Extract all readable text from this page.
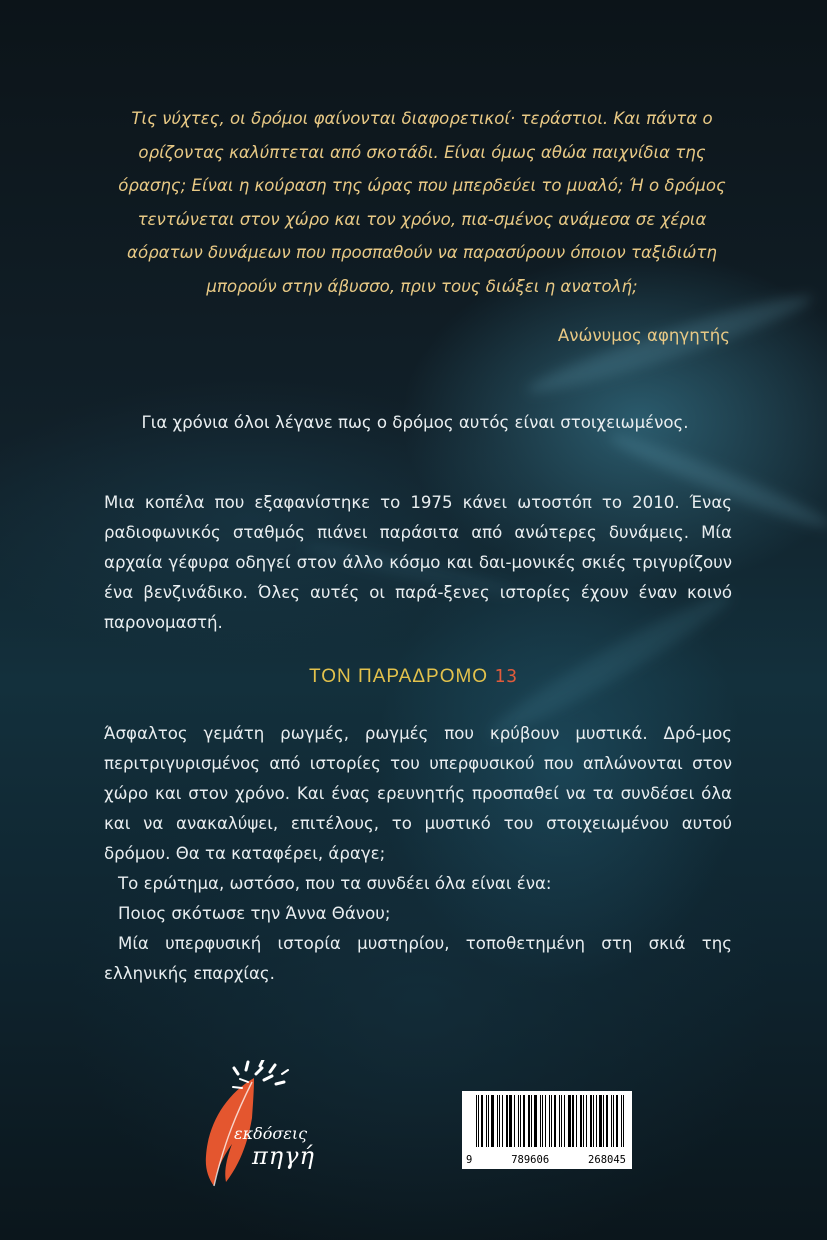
Τις νύχτες, οι δρόμοι φαίνονται διαφορετικοί· τεράστιοι. Και πάντα ο ορίζοντας καλύπτεται από σκοτάδι. Είναι όμως αθώα παιχνίδια της όρασης; Είναι η κούραση της ώρας που μπερδεύει το μυαλό; Ή ο δρόμος τεντώνεται στον χώρο και τον χρόνο, πια-σμένος ανάμεσα σε χέρια αόρατων δυνάμεων που προσπαθούν να παρασύρουν όποιον ταξιδιώτη μπορούν στην άβυσσο, πριν τους διώξει η ανατολή;

Ανώνυμος αφηγητής

Για χρόνια όλοι λέγανε πως ο δρόμος αυτός είναι στοιχειωμένος.

Μια κοπέλα που εξαφανίστηκε το 1975 κάνει ωτοστόπ το 2010. Ένας ραδιοφωνικός σταθμός πιάνει παράσιτα από ανώτερες δυνάμεις. Μία αρχαία γέφυρα οδηγεί στον άλλο κόσμο και δαι-μονικές σκιές τριγυρίζουν ένα βενζινάδικο. Όλες αυτές οι παρά-ξενες ιστορίες έχουν έναν κοινό παρονομαστή.

ΤΟΝ ΠΑΡΑΔΡΟΜΟ 13

Άσφαλτος γεμάτη ρωγμές, ρωγμές που κρύβουν μυστικά. Δρό-μος περιτριγυρισμένος από ιστορίες του υπερφυσικού που απλώνονται στον χώρο και στον χρόνο. Και ένας ερευνητής προσπαθεί να τα συνδέσει όλα και να ανακαλύψει, επιτέλους, το μυστικό του στοιχειωμένου αυτού δρόμου. Θα τα καταφέρει, άραγε;
Το ερώτημα, ωστόσο, που τα συνδέει όλα είναι ένα:
Ποιος σκότωσε την Άννα Θάνου;
Μία υπερφυσική ιστορία μυστηρίου, τοποθετημένη στη σκιά της ελληνικής επαρχίας.

εκδόσεις

πηγή	9	789606	268045
